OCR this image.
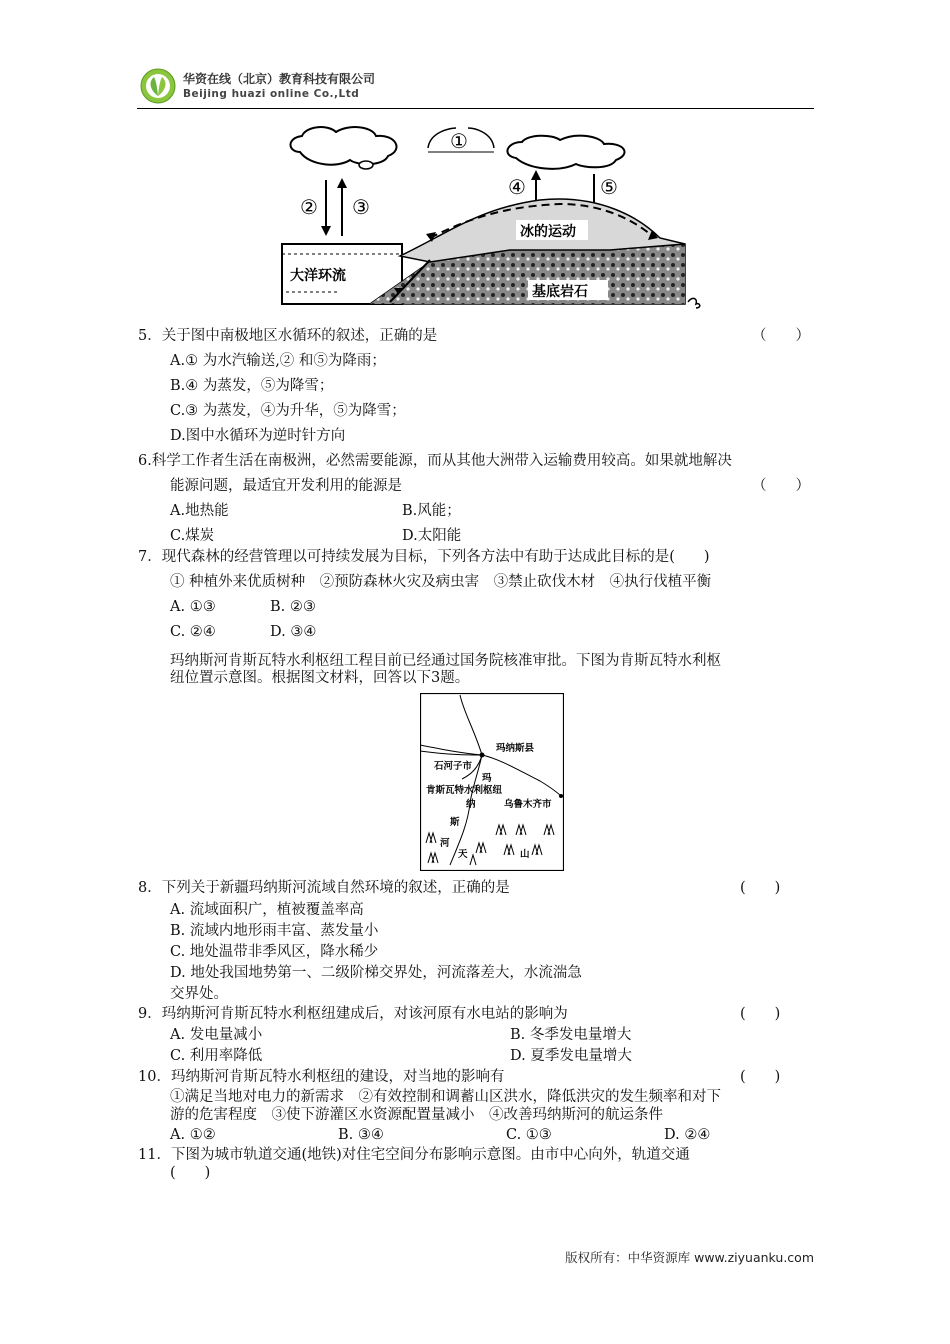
华资在线（北京）教育科技有限公司
Beijing huazi online Co.,Ltd
①
② ③
④	⑤
冰的运动
大洋环流
基底岩石
5．关于图中南极地区水循环的叙述，正确的是	（　　）
A.① 为水汽输送,② 和⑤为降雨；
B.④ 为蒸发，⑤为降雪；
C.③ 为蒸发，④为升华，⑤为降雪；
D.图中水循环为逆时针方向
6.科学工作者生活在南极洲，必然需要能源，而从其他大洲带入运输费用较高。如果就地解决
能源问题，最适宜开发利用的能源是	（　　）
A.地热能	B.风能；
C.煤炭	D.太阳能
7．现代森林的经营管理以可持续发展为目标，下列各方法中有助于达成此目标的是(　　)
① 种植外来优质树种　②预防森林火灾及病虫害　③禁止砍伐木材　④执行伐植平衡
A. ①③	B. ②③
C. ②④	D. ③④
玛纳斯河肯斯瓦特水利枢纽工程目前已经通过国务院核准审批。下图为肯斯瓦特水利枢
纽位置示意图。根据图文材料，回答以下3题。
玛纳斯县
石河子市
玛
肯斯瓦特水利枢纽
纳	乌鲁木齐市
斯
河
天	山
8．下列关于新疆玛纳斯河流域自然环境的叙述，正确的是	(　　)
A. 流域面积广，植被覆盖率高
B. 流域内地形雨丰富、蒸发量小
C. 地处温带非季风区，降水稀少
D. 地处我国地势第一、二级阶梯交界处，河流落差大，水流湍急
交界处。
9．玛纳斯河肯斯瓦特水利枢纽建成后，对该河原有水电站的影响为	(　　)
A. 发电量减小	B. 冬季发电量增大
C. 利用率降低	D. 夏季发电量增大
10．玛纳斯河肯斯瓦特水利枢纽的建设，对当地的影响有	(　　)
①满足当地对电力的新需求　②有效控制和调蓄山区洪水，降低洪灾的发生频率和对下
游的危害程度　③使下游灌区水资源配置量减小　④改善玛纳斯河的航运条件
A. ①②	B. ③④	C. ①③	D. ②④
11．下图为城市轨道交通(地铁)对住宅空间分布影响示意图。由市中心向外，轨道交通
(　　)
版权所有：中华资源库 www.ziyuanku.com
